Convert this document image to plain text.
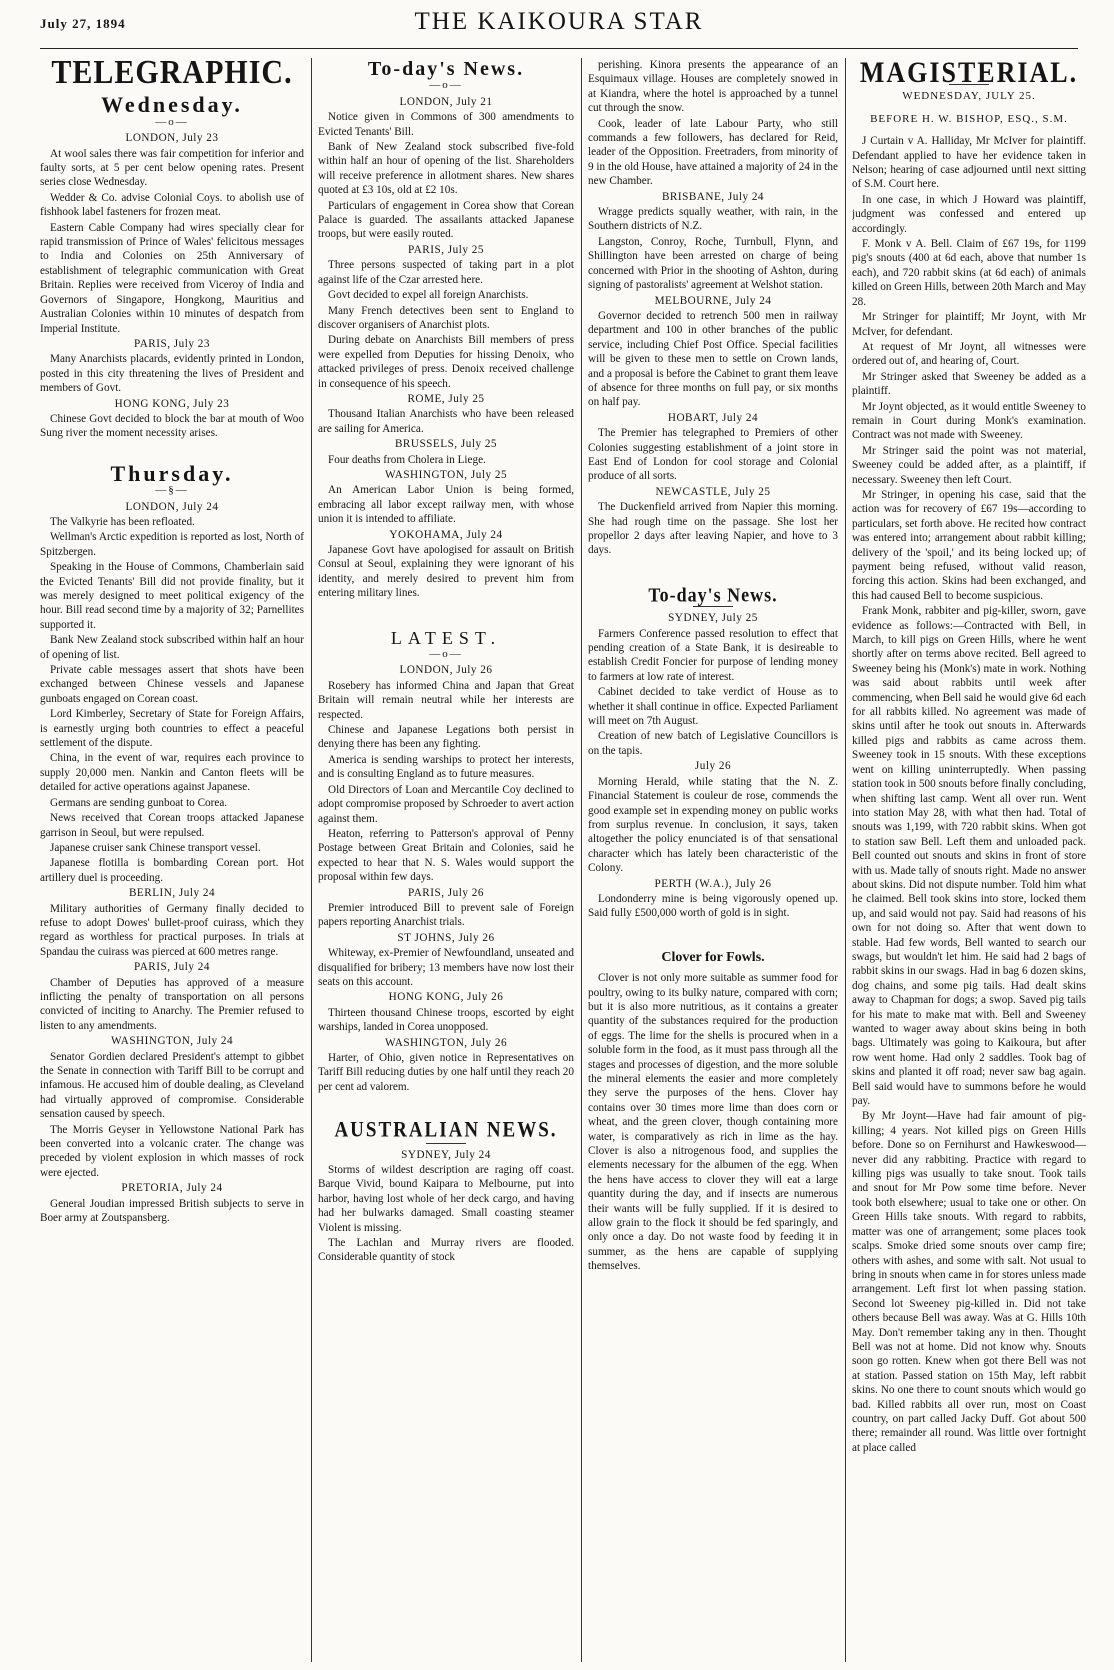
July 27, 1894	THE KAIKOURA STAR
TELEGRAPHIC.
Wednesday.
—o—

LONDON, July 23

At wool sales there was fair competition for inferior and faulty sorts, at 5 per cent below opening rates. Present series close Wednesday.

Wedder & Co. advise Colonial Coys. to abolish use of fishhook label fasteners for frozen meat.

Eastern Cable Company had wires specially clear for rapid transmission of Prince of Wales' felicitous messages to India and Colonies on 25th Anniversary of establishment of telegraphic communication with Great Britain. Replies were received from Viceroy of India and Governors of Singapore, Hongkong, Mauritius and Australian Colonies within 10 minutes of despatch from Imperial Institute.

PARIS, July 23

Many Anarchists placards, evidently printed in London, posted in this city threatening the lives of President and members of Govt.

HONG KONG, July 23

Chinese Govt decided to block the bar at mouth of Woo Sung river the moment necessity arises.

Thursday.
—§—

LONDON, July 24

The Valkyrie has been refloated.

Wellman's Arctic expedition is reported as lost, North of Spitzbergen.

Speaking in the House of Commons, Chamberlain said the Evicted Tenants' Bill did not provide finality, but it was merely designed to meet political exigency of the hour. Bill read second time by a majority of 32; Parnellites supported it.

Bank New Zealand stock subscribed within half an hour of opening of list.

Private cable messages assert that shots have been exchanged between Chinese vessels and Japanese gunboats engaged on Corean coast.

Lord Kimberley, Secretary of State for Foreign Affairs, is earnestly urging both countries to effect a peaceful settlement of the dispute.

China, in the event of war, requires each province to supply 20,000 men. Nankin and Canton fleets will be detailed for active operations against Japanese.

Germans are sending gunboat to Corea.

News received that Corean troops attacked Japanese garrison in Seoul, but were repulsed.

Japanese cruiser sank Chinese transport vessel.

Japanese flotilla is bombarding Corean port. Hot artillery duel is proceeding.

BERLIN, July 24

Military authorities of Germany finally decided to refuse to adopt Dowes' bullet-proof cuirass, which they regard as worthless for practical purposes. In trials at Spandau the cuirass was pierced at 600 metres range.

PARIS, July 24

Chamber of Deputies has approved of a measure inflicting the penalty of transportation on all persons convicted of inciting to Anarchy. The Premier refused to listen to any amendments.

WASHINGTON, July 24

Senator Gordien declared President's attempt to gibbet the Senate in connection with Tariff Bill to be corrupt and infamous. He accused him of double dealing, as Cleveland had virtually approved of compromise. Considerable sensation caused by speech.

The Morris Geyser in Yellowstone National Park has been converted into a volcanic crater. The change was preceded by violent explosion in which masses of rock were ejected.

PRETORIA, July 24

General Joudian impressed British subjects to serve in Boer army at Zoutspansberg.

To-day's News.
—o—

LONDON, July 21

Notice given in Commons of 300 amendments to Evicted Tenants' Bill.

Bank of New Zealand stock subscribed five-fold within half an hour of opening of the list. Shareholders will receive preference in allotment shares. New shares quoted at £3 10s, old at £2 10s.

Particulars of engagement in Corea show that Corean Palace is guarded. The assailants attacked Japanese troops, but were easily routed.

PARIS, July 25

Three persons suspected of taking part in a plot against life of the Czar arrested here.

Govt decided to expel all foreign Anarchists.

Many French detectives been sent to England to discover organisers of Anarchist plots.

During debate on Anarchists Bill members of press were expelled from Deputies for hissing Denoix, who attacked privileges of press. Denoix received challenge in consequence of his speech.

ROME, July 25

Thousand Italian Anarchists who have been released are sailing for America.

BRUSSELS, July 25

Four deaths from Cholera in Liege.

WASHINGTON, July 25

An American Labor Union is being formed, embracing all labor except railway men, with whose union it is intended to affiliate.

YOKOHAMA, July 24

Japanese Govt have apologised for assault on British Consul at Seoul, explaining they were ignorant of his identity, and merely desired to prevent him from entering military lines.

LATEST.
—o—

LONDON, July 26

Rosebery has informed China and Japan that Great Britain will remain neutral while her interests are respected.

Chinese and Japanese Legations both persist in denying there has been any fighting.

America is sending warships to protect her interests, and is consulting England as to future measures.

Old Directors of Loan and Mercantile Coy declined to adopt compromise proposed by Schroeder to avert action against them.

Heaton, referring to Patterson's approval of Penny Postage between Great Britain and Colonies, said he expected to hear that N. S. Wales would support the proposal within few days.

PARIS, July 26

Premier introduced Bill to prevent sale of Foreign papers reporting Anarchist trials.

ST JOHNS, July 26

Whiteway, ex-Premier of Newfoundland, unseated and disqualified for bribery; 13 members have now lost their seats on this account.

HONG KONG, July 26

Thirteen thousand Chinese troops, escorted by eight warships, landed in Corea unopposed.

WASHINGTON, July 26

Harter, of Ohio, given notice in Representatives on Tariff Bill reducing duties by one half until they reach 20 per cent ad valorem.

AUSTRALIAN NEWS.

SYDNEY, July 24

Storms of wildest description are raging off coast. Barque Vivid, bound Kaipara to Melbourne, put into harbor, having lost whole of her deck cargo, and having had her bulwarks damaged. Small coasting steamer Violent is missing.

The Lachlan and Murray rivers are flooded. Considerable quantity of stock

perishing. Kinora presents the appearance of an Esquimaux village. Houses are completely snowed in at Kiandra, where the hotel is approached by a tunnel cut through the snow.

Cook, leader of late Labour Party, who still commands a few followers, has declared for Reid, leader of the Opposition. Freetraders, from minority of 9 in the old House, have attained a majority of 24 in the new Chamber.

BRISBANE, July 24

Wragge predicts squally weather, with rain, in the Southern districts of N.Z.

Langston, Conroy, Roche, Turnbull, Flynn, and Shillington have been arrested on charge of being concerned with Prior in the shooting of Ashton, during signing of pastoralists' agreement at Welshot station.

MELBOURNE, July 24

Governor decided to retrench 500 men in railway department and 100 in other branches of the public service, including Chief Post Office. Special facilities will be given to these men to settle on Crown lands, and a proposal is before the Cabinet to grant them leave of absence for three months on full pay, or six months on half pay.

HOBART, July 24

The Premier has telegraphed to Premiers of other Colonies suggesting establishment of a joint store in East End of London for cool storage and Colonial produce of all sorts.

NEWCASTLE, July 25

The Duckenfield arrived from Napier this morning. She had rough time on the passage. She lost her propellor 2 days after leaving Napier, and hove to 3 days.

To-day's News.

SYDNEY, July 25

Farmers Conference passed resolution to effect that pending creation of a State Bank, it is desireable to establish Credit Foncier for purpose of lending money to farmers at low rate of interest.

Cabinet decided to take verdict of House as to whether it shall continue in office. Expected Parliament will meet on 7th August.

Creation of new batch of Legislative Councillors is on the tapis.

July 26

Morning Herald, while stating that the N. Z. Financial Statement is couleur de rose, commends the good example set in expending money on public works from surplus revenue. In conclusion, it says, taken altogether the policy enunciated is of that sensational character which has lately been characteristic of the Colony.

PERTH (W.A.), July 26

Londonderry mine is being vigorously opened up. Said fully £500,000 worth of gold is in sight.

Clover for Fowls.

Clover is not only more suitable as summer food for poultry, owing to its bulky nature, compared with corn; but it is also more nutritious, as it contains a greater quantity of the substances required for the production of eggs. The lime for the shells is procured when in a soluble form in the food, as it must pass through all the stages and processes of digestion, and the more soluble the mineral elements the easier and more completely they serve the purposes of the hens. Clover hay contains over 30 times more lime than does corn or wheat, and the green clover, though containing more water, is comparatively as rich in lime as the hay. Clover is also a nitrogenous food, and supplies the elements necessary for the albumen of the egg. When the hens have access to clover they will eat a large quantity during the day, and if insects are numerous their wants will be fully supplied. If it is desired to allow grain to the flock it should be fed sparingly, and only once a day. Do not waste food by feeding it in summer, as the hens are capable of supplying themselves.

MAGISTERIAL.

WEDNESDAY, JULY 25.

BEFORE H. W. BISHOP, ESQ., S.M.

J Curtain v A. Halliday, Mr McIver for plaintiff. Defendant applied to have her evidence taken in Nelson; hearing of case adjourned until next sitting of S.M. Court here.

In one case, in which J Howard was plaintiff, judgment was confessed and entered up accordingly.

F. Monk v A. Bell. Claim of £67 19s, for 1199 pig's snouts (400 at 6d each, above that number 1s each), and 720 rabbit skins (at 6d each) of animals killed on Green Hills, between 20th March and May 28.

Mr Stringer for plaintiff; Mr Joynt, with Mr McIver, for defendant.

At request of Mr Joynt, all witnesses were ordered out of, and hearing of, Court.

Mr Stringer asked that Sweeney be added as a plaintiff.

Mr Joynt objected, as it would entitle Sweeney to remain in Court during Monk's examination. Contract was not made with Sweeney.

Mr Stringer said the point was not material, Sweeney could be added after, as a plaintiff, if necessary. Sweeney then left Court.

Mr Stringer, in opening his case, said that the action was for recovery of £67 19s—according to particulars, set forth above. He recited how contract was entered into; arrangement about rabbit killing; delivery of the 'spoil,' and its being locked up; of payment being refused, without valid reason, forcing this action. Skins had been exchanged, and this had caused Bell to become suspicious.

Frank Monk, rabbiter and pig-killer, sworn, gave evidence as follows:—Contracted with Bell, in March, to kill pigs on Green Hills, where he went shortly after on terms above recited. Bell agreed to Sweeney being his (Monk's) mate in work. Nothing was said about rabbits until week after commencing, when Bell said he would give 6d each for all rabbits killed. No agreement was made of skins until after he took out snouts in. Afterwards killed pigs and rabbits as came across them. Sweeney took in 15 snouts. With these exceptions went on killing uninterruptedly. When passing station took in 500 snouts before finally concluding, when shifting last camp. Went all over run. Went into station May 28, with what then had. Total of snouts was 1,199, with 720 rabbit skins. When got to station saw Bell. Left them and unloaded pack. Bell counted out snouts and skins in front of store with us. Made tally of snouts right. Made no answer about skins. Did not dispute number. Told him what he claimed. Bell took skins into store, locked them up, and said would not pay. Said had reasons of his own for not doing so. After that went down to stable. Had few words, Bell wanted to search our swags, but wouldn't let him. He said had 2 bags of rabbit skins in our swags. Had in bag 6 dozen skins, dog chains, and some pig tails. Had dealt skins away to Chapman for dogs; a swop. Saved pig tails for his mate to make mat with. Bell and Sweeney wanted to wager away about skins being in both bags. Ultimately was going to Kaikoura, but after row went home. Had only 2 saddles. Took bag of skins and planted it off road; never saw bag again. Bell said would have to summons before he would pay.

By Mr Joynt—Have had fair amount of pig-killing; 4 years. Not killed pigs on Green Hills before. Done so on Fernihurst and Hawkeswood—never did any rabbiting. Practice with regard to killing pigs was usually to take snout. Took tails and snout for Mr Pow some time before. Never took both elsewhere; usual to take one or other. On Green Hills take snouts. With regard to rabbits, matter was one of arrangement; some places took scalps. Smoke dried some snouts over camp fire; others with ashes, and some with salt. Not usual to bring in snouts when came in for stores unless made arrangement. Left first lot when passing station. Second lot Sweeney pig-killed in. Did not take others because Bell was away. Was at G. Hills 10th May. Don't remember taking any in then. Thought Bell was not at home. Did not know why. Snouts soon go rotten. Knew when got there Bell was not at station. Passed station on 15th May, left rabbit skins. No one there to count snouts which would go bad. Killed rabbits all over run, most on Coast country, on part called Jacky Duff. Got about 500 there; remainder all round. Was little over fortnight at place called
